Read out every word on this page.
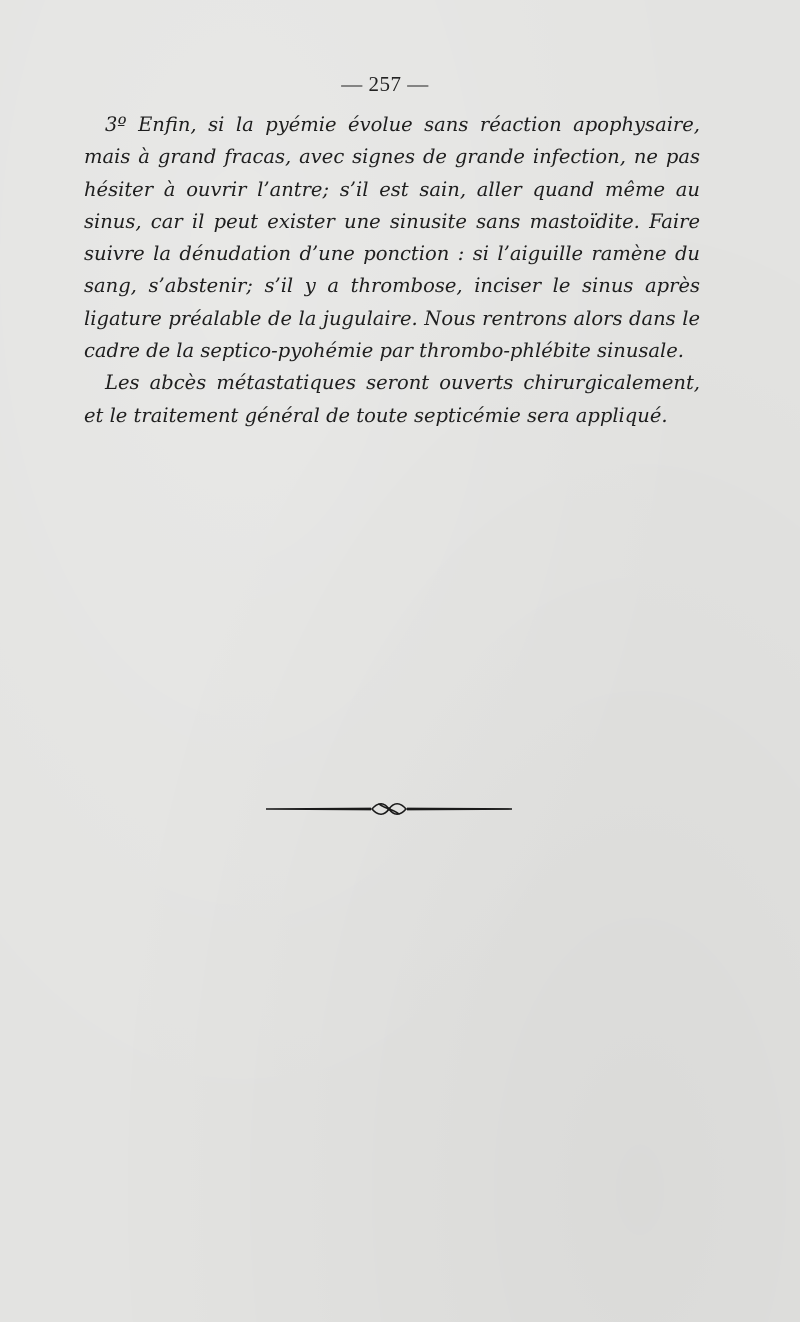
— 257 —

3º Enfin, si la pyémie évolue sans réaction apophysaire, mais à grand fracas, avec signes de grande infection, ne pas hésiter à ouvrir l’antre; s’il est sain, aller quand même au sinus, car il peut exister une sinusite sans mastoïdite. Faire suivre la dénudation d’une ponction : si l’aiguille ramène du sang, s’abstenir; s’il y a thrombose, inciser le sinus après ligature préalable de la jugulaire. Nous rentrons alors dans le cadre de la septico-pyohémie par thrombo-phlébite sinusale.

Les abcès métastatiques seront ouverts chirurgicalement, et le traitement général de toute septicémie sera appliqué.
